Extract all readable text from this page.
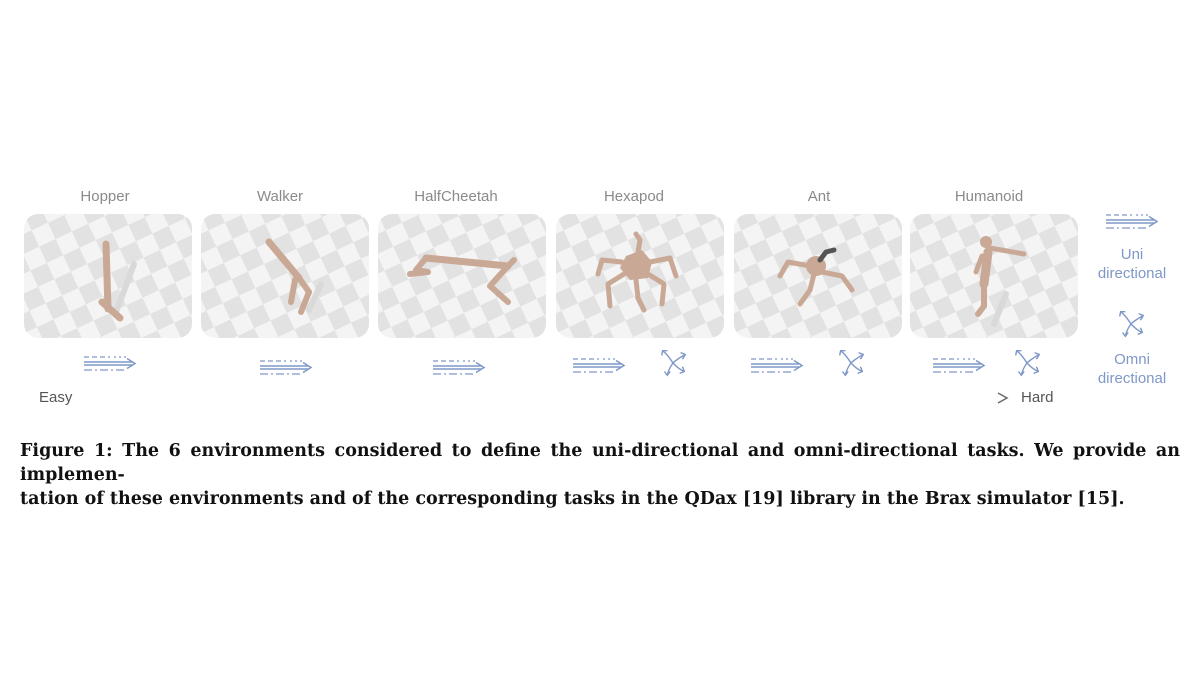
Hopper	Walker	HalfCheetah	Hexapod	Ant	Humanoid
Uni
directional
Omni
directional
Easy	Hard
Figure 1: The 6 environments considered to define the uni-directional and omni-directional tasks. We provide an implemen-
tation of these environments and of the corresponding tasks in the QDax [19] library in the Brax simulator [15].
